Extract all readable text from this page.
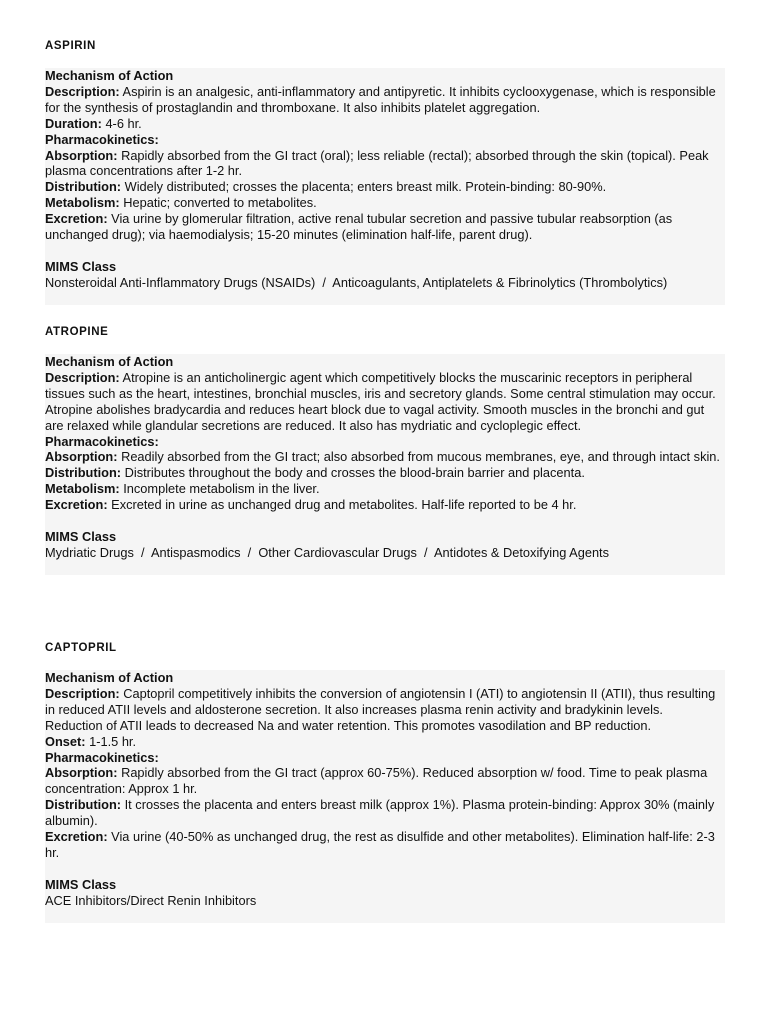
ASPIRIN

Mechanism of Action

Description: Aspirin is an analgesic, anti-inflammatory and antipyretic. It inhibits cyclooxygenase, which is responsible for the synthesis of prostaglandin and thromboxane. It also inhibits platelet aggregation.

Duration: 4-6 hr.

Pharmacokinetics:

Absorption: Rapidly absorbed from the GI tract (oral); less reliable (rectal); absorbed through the skin (topical). Peak plasma concentrations after 1-2 hr.

Distribution: Widely distributed; crosses the placenta; enters breast milk. Protein-binding: 80-90%.

Metabolism: Hepatic; converted to metabolites.

Excretion: Via urine by glomerular filtration, active renal tubular secretion and passive tubular reabsorption (as unchanged drug); via haemodialysis; 15-20 minutes (elimination half-life, parent drug).

MIMS Class

Nonsteroidal Anti-Inflammatory Drugs (NSAIDs)  /  Anticoagulants, Antiplatelets & Fibrinolytics (Thrombolytics)

ATROPINE

Mechanism of Action

Description: Atropine is an anticholinergic agent which competitively blocks the muscarinic receptors in peripheral tissues such as the heart, intestines, bronchial muscles, iris and secretory glands. Some central stimulation may occur. Atropine abolishes bradycardia and reduces heart block due to vagal activity. Smooth muscles in the bronchi and gut are relaxed while glandular secretions are reduced. It also has mydriatic and cycloplegic effect.

Pharmacokinetics:

Absorption: Readily absorbed from the GI tract; also absorbed from mucous membranes, eye, and through intact skin.

Distribution: Distributes throughout the body and crosses the blood-brain barrier and placenta.

Metabolism: Incomplete metabolism in the liver.

Excretion: Excreted in urine as unchanged drug and metabolites. Half-life reported to be 4 hr.

MIMS Class

Mydriatic Drugs  /  Antispasmodics  /  Other Cardiovascular Drugs  /  Antidotes & Detoxifying Agents

CAPTOPRIL

Mechanism of Action

Description: Captopril competitively inhibits the conversion of angiotensin I (ATI) to angiotensin II (ATII), thus resulting in reduced ATII levels and aldosterone secretion. It also increases plasma renin activity and bradykinin levels. Reduction of ATII leads to decreased Na and water retention. This promotes vasodilation and BP reduction.

Onset: 1-1.5 hr.

Pharmacokinetics:

Absorption: Rapidly absorbed from the GI tract (approx 60-75%). Reduced absorption w/ food. Time to peak plasma concentration: Approx 1 hr.

Distribution: It crosses the placenta and enters breast milk (approx 1%). Plasma protein-binding: Approx 30% (mainly albumin).

Excretion: Via urine (40-50% as unchanged drug, the rest as disulfide and other metabolites). Elimination half-life: 2-3 hr.

MIMS Class

ACE Inhibitors/Direct Renin Inhibitors
